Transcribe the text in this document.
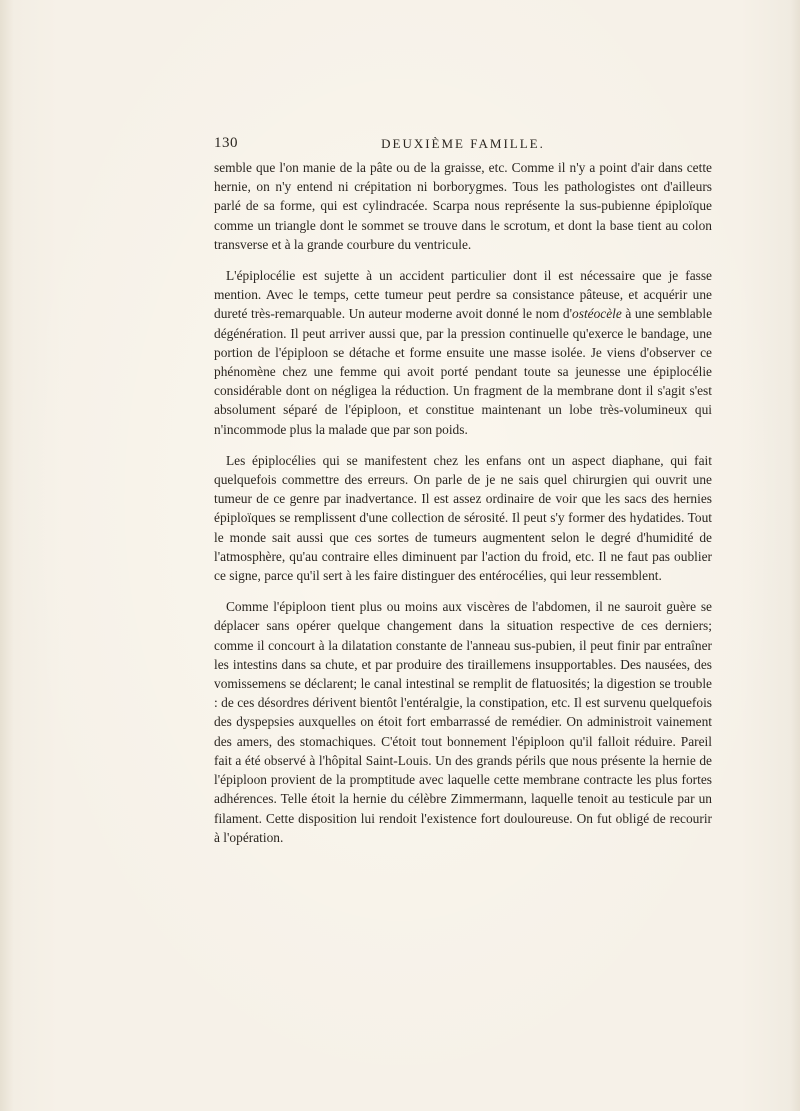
130	DEUXIÈME FAMILLE.

semble que l'on manie de la pâte ou de la graisse, etc. Comme il n'y a point d'air dans cette hernie, on n'y entend ni crépitation ni borborygmes. Tous les pathologistes ont d'ailleurs parlé de sa forme, qui est cylindracée. Scarpa nous représente la sus-pubienne épiploïque comme un triangle dont le sommet se trouve dans le scrotum, et dont la base tient au colon transverse et à la grande courbure du ventricule.

L'épiplocélie est sujette à un accident particulier dont il est nécessaire que je fasse mention. Avec le temps, cette tumeur peut perdre sa consistance pâteuse, et acquérir une dureté très-remarquable. Un auteur moderne avoit donné le nom d'ostéocèle à une semblable dégénération. Il peut arriver aussi que, par la pression continuelle qu'exerce le bandage, une portion de l'épiploon se détache et forme ensuite une masse isolée. Je viens d'observer ce phénomène chez une femme qui avoit porté pendant toute sa jeunesse une épiplocélie considérable dont on négligea la réduction. Un fragment de la membrane dont il s'agit s'est absolument séparé de l'épiploon, et constitue maintenant un lobe très-volumineux qui n'incommode plus la malade que par son poids.

Les épiplocélies qui se manifestent chez les enfans ont un aspect diaphane, qui fait quelquefois commettre des erreurs. On parle de je ne sais quel chirurgien qui ouvrit une tumeur de ce genre par inadvertance. Il est assez ordinaire de voir que les sacs des hernies épiploïques se remplissent d'une collection de sérosité. Il peut s'y former des hydatides. Tout le monde sait aussi que ces sortes de tumeurs augmentent selon le degré d'humidité de l'atmosphère, qu'au contraire elles diminuent par l'action du froid, etc. Il ne faut pas oublier ce signe, parce qu'il sert à les faire distinguer des entérocélies, qui leur ressemblent.

Comme l'épiploon tient plus ou moins aux viscères de l'abdomen, il ne sauroit guère se déplacer sans opérer quelque changement dans la situation respective de ces derniers; comme il concourt à la dilatation constante de l'anneau sus-pubien, il peut finir par entraîner les intestins dans sa chute, et par produire des tiraillemens insupportables. Des nausées, des vomissemens se déclarent; le canal intestinal se remplit de flatuosités; la digestion se trouble : de ces désordres dérivent bientôt l'entéralgie, la constipation, etc. Il est survenu quelquefois des dyspepsies auxquelles on étoit fort embarrassé de remédier. On administroit vainement des amers, des stomachiques. C'étoit tout bonnement l'épiploon qu'il falloit réduire. Pareil fait a été observé à l'hôpital Saint-Louis. Un des grands périls que nous présente la hernie de l'épiploon provient de la promptitude avec laquelle cette membrane contracte les plus fortes adhérences. Telle étoit la hernie du célèbre Zimmermann, laquelle tenoit au testicule par un filament. Cette disposition lui rendoit l'existence fort douloureuse. On fut obligé de recourir à l'opération.
